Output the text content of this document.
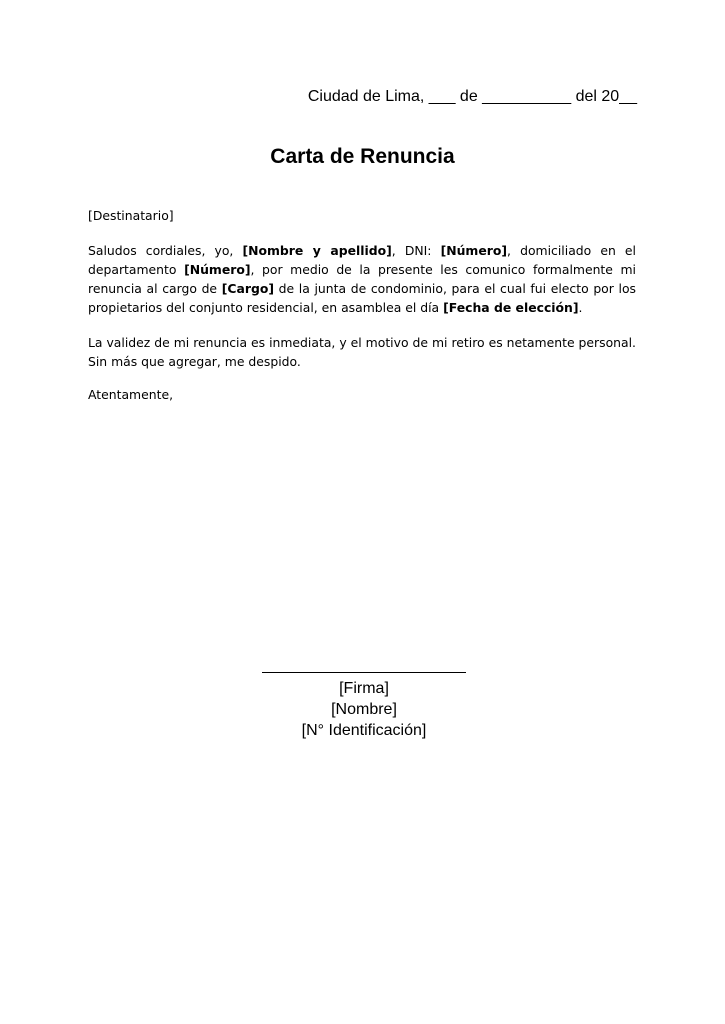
Ciudad de Lima, ___ de __________ del 20__
Carta de Renuncia
[Destinatario]
Saludos cordiales, yo, [Nombre y apellido], DNI: [Número], domiciliado en el departamento [Número], por medio de la presente les comunico formalmente mi renuncia al cargo de [Cargo] de la junta de condominio, para el cual fui electo por los propietarios del conjunto residencial, en asamblea el día [Fecha de elección].
La validez de mi renuncia es inmediata, y el motivo de mi retiro es netamente personal. Sin más que agregar, me despido.
Atentamente,
[Firma]
[Nombre]
[N° Identificación]
